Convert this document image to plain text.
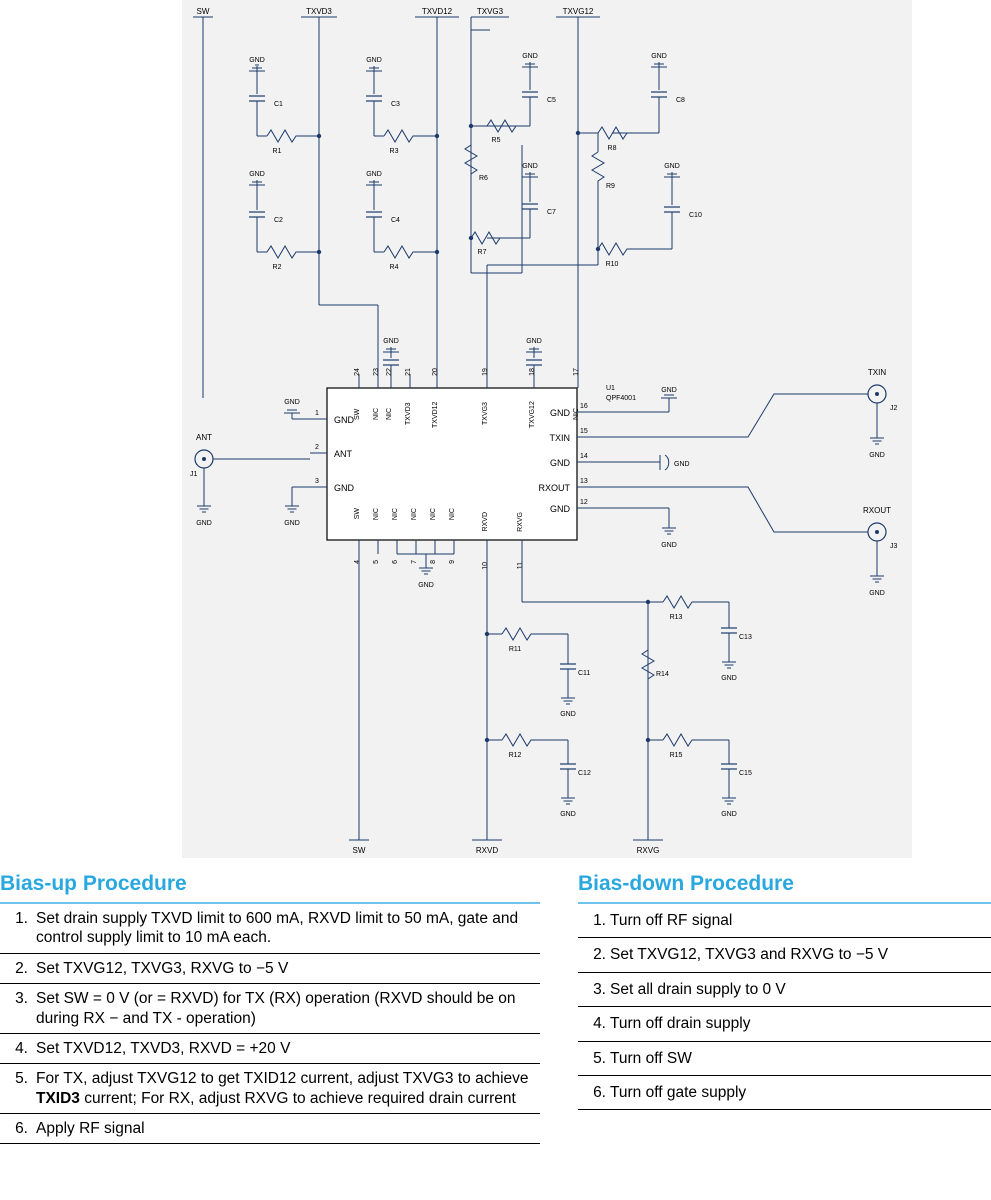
SW	TXVD3	TXVD12	TXVG3	TXVG12
GND
C1
R1
GND
C2
R2
GND
C3
R3
GND
C4
R4
GND
C5
R5
R6
GND
C7
R7
GND
C8
R8
R9
GND
C10
R10
GND	GND
24 23 22 21	20	19	18	17
SW NIC NIC TXVD3	TXVD12	TXVG3	TXVG12	NIC
4 5 6 7 8 9
10	11
SW NIC NIC NIC NIC NIC	RXVD	RXVG
1
2
3
GND
ANT
GND
16
15
14
13
12
GND
TXIN
GND
RXOUT
GND
U1
QPF4001
GND
GND
ANT
J1
GND
TXIN
J2
GND
RXOUT
J3
GND
GND
GND
GND
GND
SW	RXVD	RXVG
R11
C11
GND
R12
C12
GND
R13
C13
GND
R14
R15
C15
GND
Bias-up Procedure
1.	Set drain supply TXVD limit to 600 mA, RXVD limit to 50 mA, gate and control supply limit to 10 mA each.
2.	Set TXVG12, TXVG3, RXVG to −5 V
3.	Set SW = 0 V (or = RXVD) for TX (RX) operation (RXVD should be on during RX − and TX - operation)
4.	Set TXVD12, TXVD3, RXVD = +20 V
5.	For TX, adjust TXVG12 to get TXID12 current, adjust TXVG3 to achieve TXID3 current; For RX, adjust RXVG to achieve required drain current
6.	Apply RF signal
Bias-down Procedure
1.	Turn off RF signal
2.	Set TXVG12, TXVG3 and RXVG to −5 V
3.	Set all drain supply to 0 V
4.	Turn off drain supply
5.	Turn off SW
6.	Turn off gate supply
